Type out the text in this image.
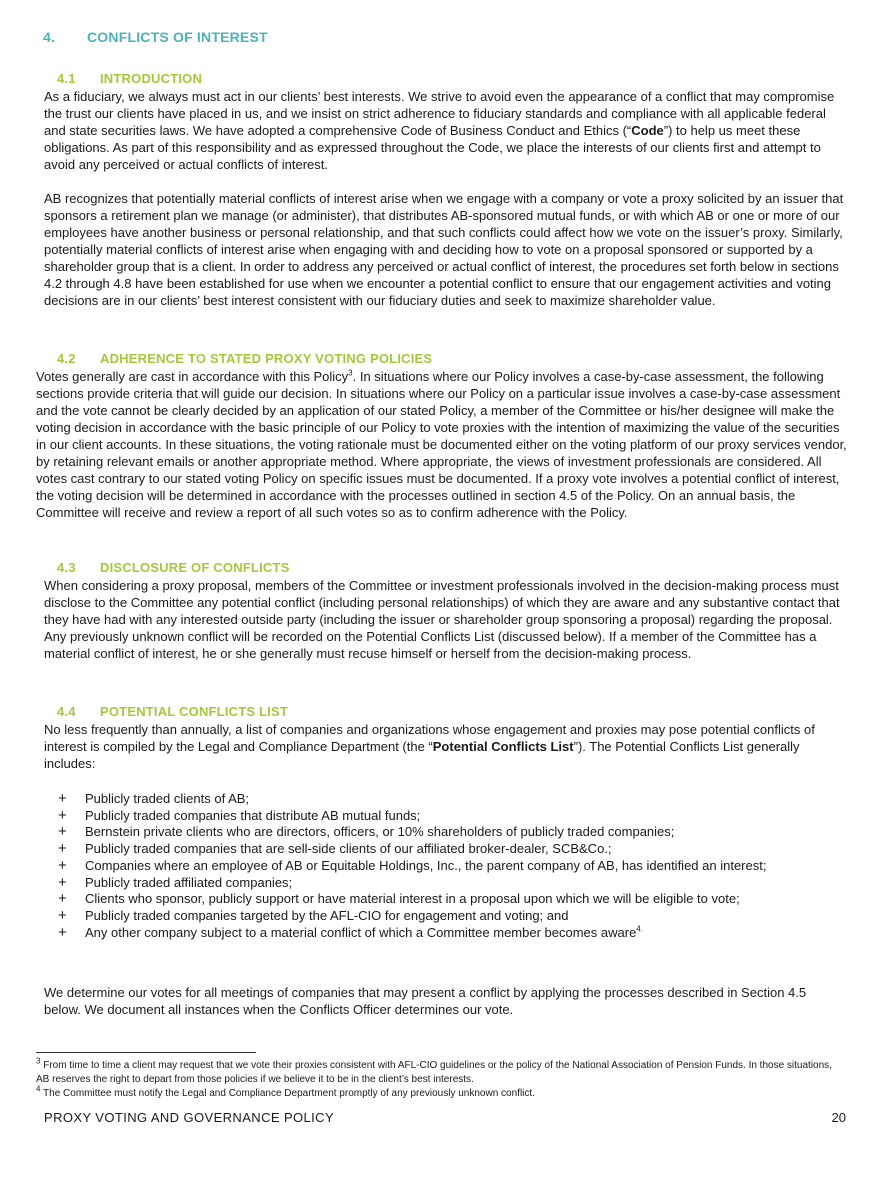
4. CONFLICTS OF INTEREST
4.1 INTRODUCTION

As a fiduciary, we always must act in our clients’ best interests. We strive to avoid even the appearance of a conflict that may compromise the trust our clients have placed in us, and we insist on strict adherence to fiduciary standards and compliance with all applicable federal and state securities laws. We have adopted a comprehensive Code of Business Conduct and Ethics (“Code”) to help us meet these obligations. As part of this responsibility and as expressed throughout the Code, we place the interests of our clients first and attempt to avoid any perceived or actual conflicts of interest.

AB recognizes that potentially material conflicts of interest arise when we engage with a company or vote a proxy solicited by an issuer that sponsors a retirement plan we manage (or administer), that distributes AB-sponsored mutual funds, or with which AB or one or more of our employees have another business or personal relationship, and that such conflicts could affect how we vote on the issuer’s proxy. Similarly, potentially material conflicts of interest arise when engaging with and deciding how to vote on a proposal sponsored or supported by a shareholder group that is a client. In order to address any perceived or actual conflict of interest, the procedures set forth below in sections 4.2 through 4.8 have been established for use when we encounter a potential conflict to ensure that our engagement activities and voting decisions are in our clients’ best interest consistent with our fiduciary duties and seek to maximize shareholder value.

4.2 ADHERENCE TO STATED PROXY VOTING POLICIES

Votes generally are cast in accordance with this Policy$^3$. In situations where our Policy involves a case-by-case assessment, the following sections provide criteria that will guide our decision. In situations where our Policy on a particular issue involves a case-by-case assessment and the vote cannot be clearly decided by an application of our stated Policy, a member of the Committee or his/her designee will make the voting decision in accordance with the basic principle of our Policy to vote proxies with the intention of maximizing the value of the securities in our client accounts. In these situations, the voting rationale must be documented either on the voting platform of our proxy services vendor, by retaining relevant emails or another appropriate method. Where appropriate, the views of investment professionals are considered. All votes cast contrary to our stated voting Policy on specific issues must be documented. If a proxy vote involves a potential conflict of interest, the voting decision will be determined in accordance with the processes outlined in section 4.5 of the Policy. On an annual basis, the Committee will receive and review a report of all such votes so as to confirm adherence with the Policy.

4.3 DISCLOSURE OF CONFLICTS

When considering a proxy proposal, members of the Committee or investment professionals involved in the decision-making process must disclose to the Committee any potential conflict (including personal relationships) of which they are aware and any substantive contact that they have had with any interested outside party (including the issuer or shareholder group sponsoring a proposal) regarding the proposal. Any previously unknown conflict will be recorded on the Potential Conflicts List (discussed below). If a member of the Committee has a material conflict of interest, he or she generally must recuse himself or herself from the decision-making process.

4.4 POTENTIAL CONFLICTS LIST

No less frequently than annually, a list of companies and organizations whose engagement and proxies may pose potential conflicts of interest is compiled by the Legal and Compliance Department (the “Potential Conflicts List”). The Potential Conflicts List generally includes:

+ Publicly traded clients of AB;
+ Publicly traded companies that distribute AB mutual funds;
+ Bernstein private clients who are directors, officers, or 10% shareholders of publicly traded companies;
+ Publicly traded companies that are sell-side clients of our affiliated broker-dealer, SCB&Co.;
+ Companies where an employee of AB or Equitable Holdings, Inc., the parent company of AB, has identified an interest;
+ Publicly traded affiliated companies;
+ Clients who sponsor, publicly support or have material interest in a proposal upon which we will be eligible to vote;
+ Publicly traded companies targeted by the AFL-CIO for engagement and voting; and
+ Any other company subject to a material conflict of which a Committee member becomes aware$^{4.}$

We determine our votes for all meetings of companies that may present a conflict by applying the processes described in Section 4.5 below. We document all instances when the Conflicts Officer determines our vote.

$^3$ From time to time a client may request that we vote their proxies consistent with AFL-CIO guidelines or the policy of the National Association of Pension Funds. In those situations, AB reserves the right to depart from those policies if we believe it to be in the client’s best interests.
$^4$ The Committee must notify the Legal and Compliance Department promptly of any previously unknown conflict.
PROXY VOTING AND GOVERNANCE POLICY	20
